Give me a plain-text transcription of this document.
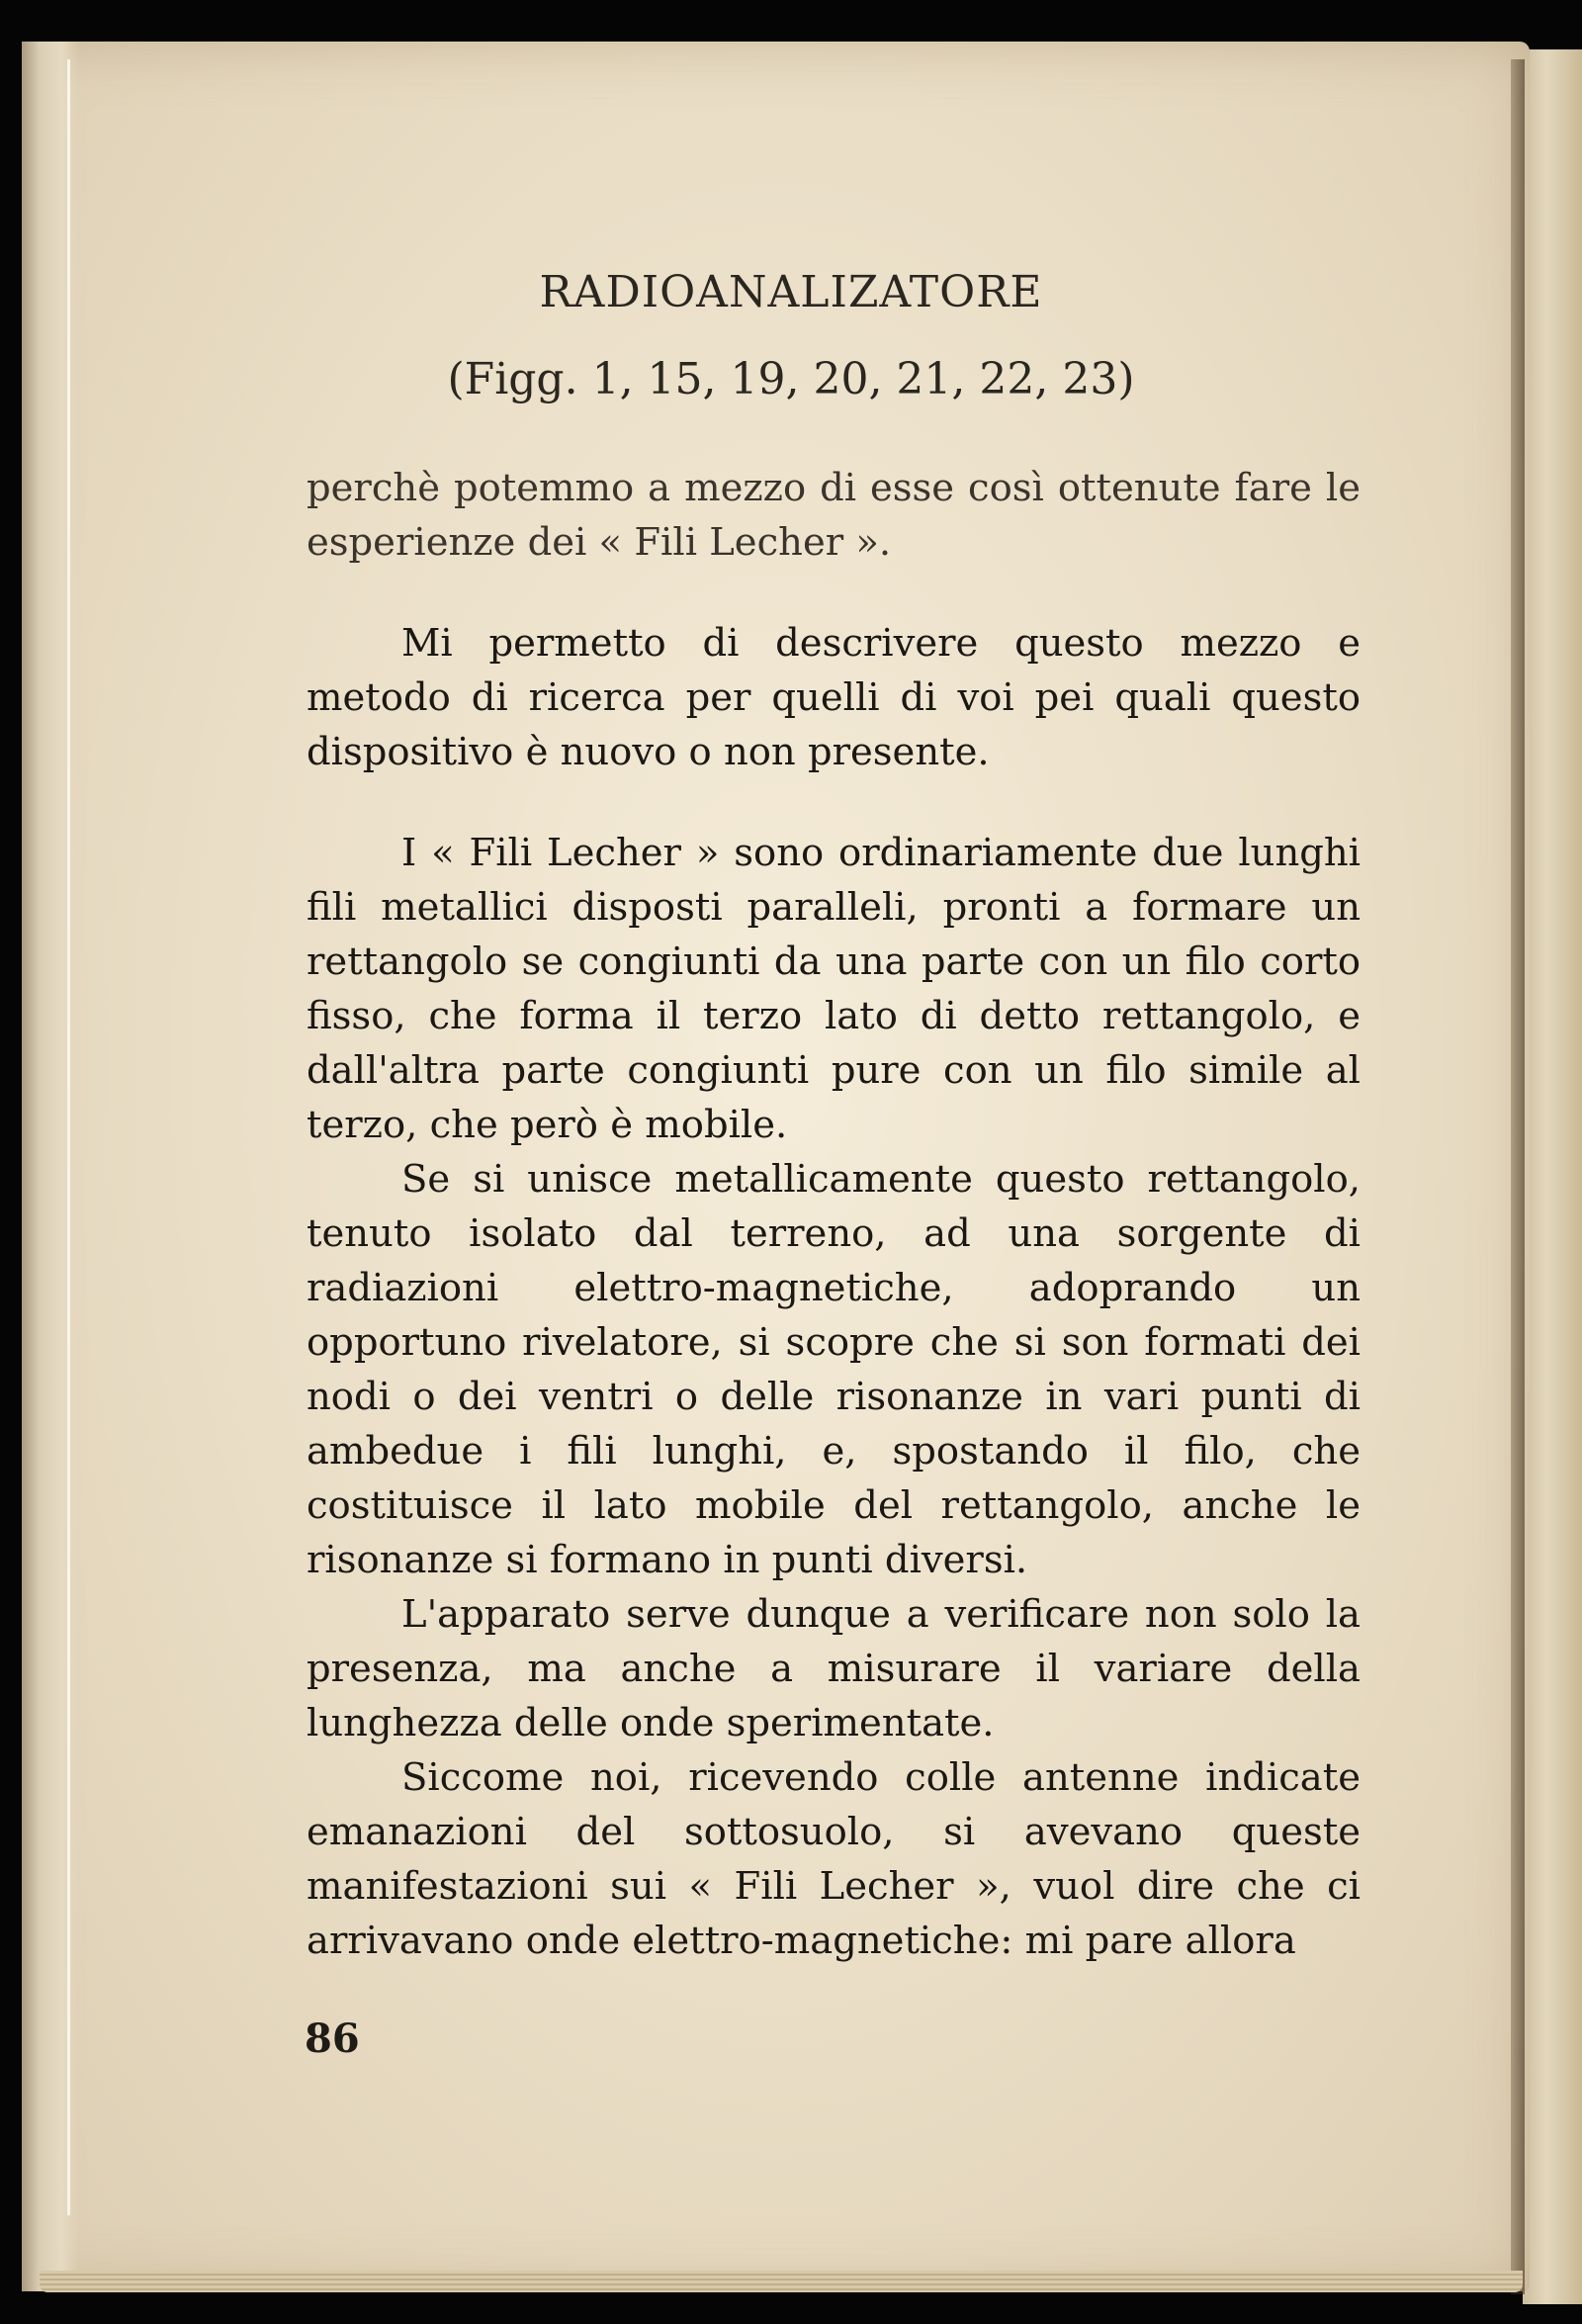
RADIOANALIZATORE
(Figg. 1, 15, 19, 20, 21, 22, 23)

perchè potemmo a mezzo di esse così ottenute fare le esperienze dei « Fili Lecher ».

Mi permetto di descrivere questo mezzo e metodo di ricerca per quelli di voi pei quali questo dispositivo è nuovo o non presente.

I « Fili Lecher » sono ordinariamente due lunghi fili metallici disposti paralleli, pronti a formare un rettangolo se congiunti da una parte con un filo corto fisso, che forma il terzo lato di detto rettangolo, e dall'altra parte congiunti pure con un filo simile al terzo, che però è mobile.

Se si unisce metallicamente questo rettangolo, tenuto isolato dal terreno, ad una sorgente di radiazioni elettro-magnetiche, adoprando un opportuno rivelatore, si scopre che si son formati dei nodi o dei ventri o delle risonanze in vari punti di ambedue i fili lunghi, e, spostando il filo, che costituisce il lato mobile del rettangolo, anche le risonanze si formano in punti diversi.

L'apparato serve dunque a verificare non solo la presenza, ma anche a misurare il variare della lunghezza delle onde sperimentate.

Siccome noi, ricevendo colle antenne indicate emanazioni del sottosuolo, si avevano queste manifestazioni sui « Fili Lecher », vuol dire che ci arrivavano onde elettro-magnetiche: mi pare allora

86
